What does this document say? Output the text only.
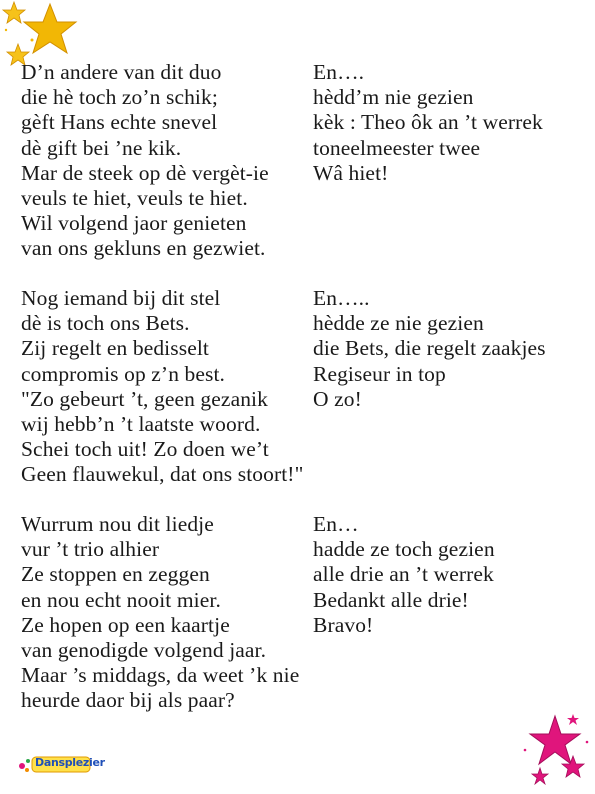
D’n andere van dit duo
die hè toch zo’n schik;
gèft Hans echte snevel
dè gift bei ’ne kik.
Mar de steek op dè vergèt-ie
veuls te hiet, veuls te hiet.
Wil volgend jaor genieten
van ons gekluns en gezwiet.
En….
hèdd’m nie gezien
kèk : Theo ôk an ’t werrek
toneelmeester twee
Wâ hiet!
Nog iemand bij dit stel
dè is toch ons Bets.
Zij regelt en bedisselt
compromis op z’n best.
"Zo gebeurt ’t, geen gezanik
wij hebb’n ’t laatste woord.
Schei toch uit! Zo doen we’t
Geen flauwekul, dat ons stoort!"
En…..
hèdde ze nie gezien
die Bets, die regelt zaakjes
Regiseur in top
O zo!
Wurrum nou dit liedje
vur ’t trio alhier
Ze stoppen en zeggen
en nou echt nooit mier.
Ze hopen op een kaartje
van genodigde volgend jaar.
Maar ’s middags, da weet ’k nie
heurde daor bij als paar?
En…
hadde ze toch gezien
alle drie an ’t werrek
Bedankt alle drie!
Bravo!
Dansplezier
